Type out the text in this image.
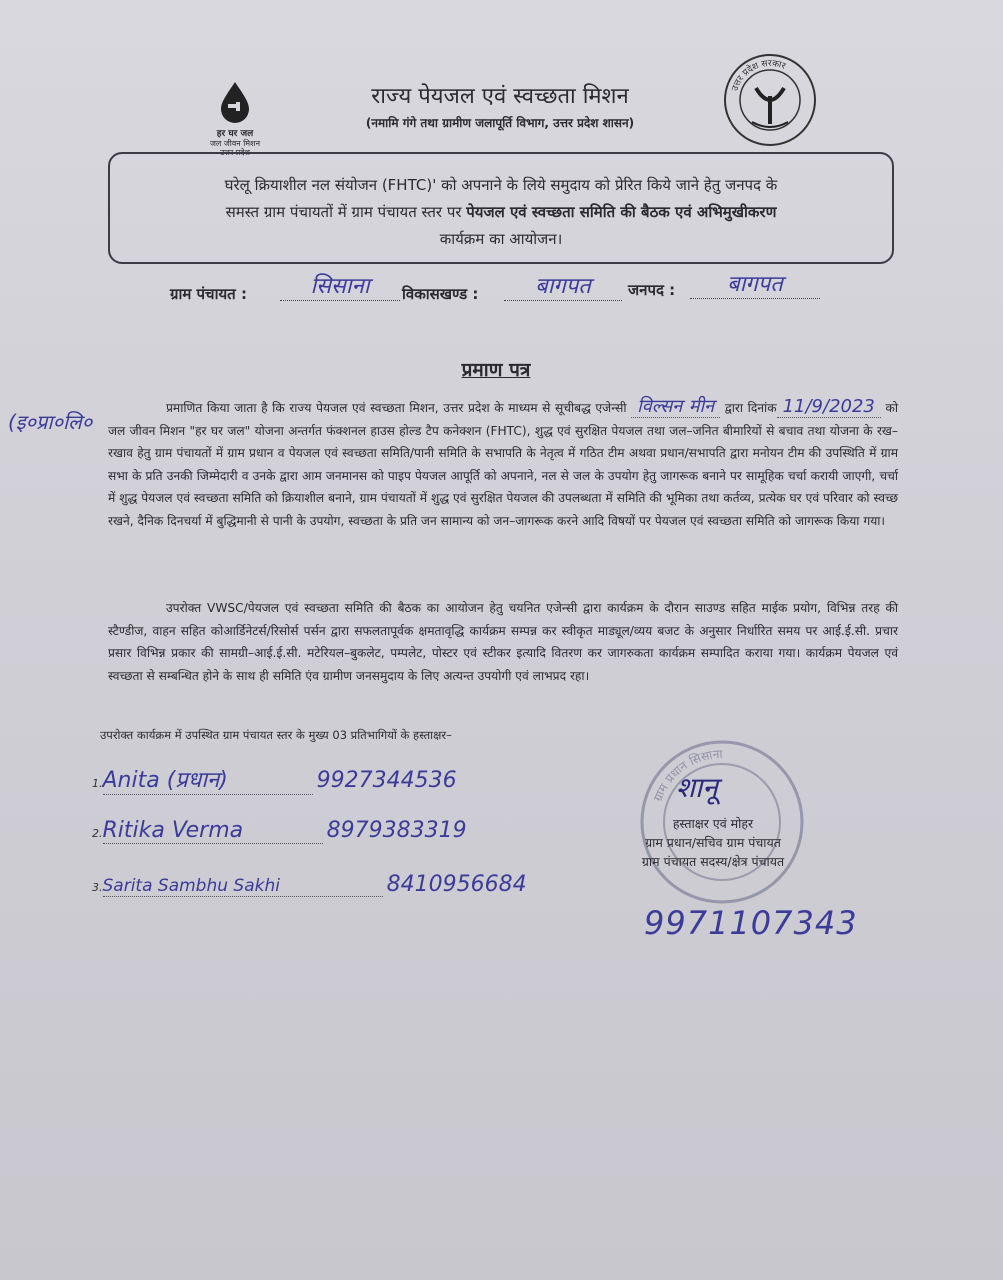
हर घर जल
जल जीवन मिशन
उत्तर प्रदेश
राज्य पेयजल एवं स्वच्छता मिशन
(नमामि गंगे तथा ग्रामीण जलापूर्ति विभाग, उत्तर प्रदेश शासन)
उत्तर प्रदेश सरकार
घरेलू क्रियाशील नल संयोजन (FHTC)' को अपनाने के लिये समुदाय को प्रेरित किये जाने हेतु जनपद के
समस्त ग्राम पंचायतों में ग्राम पंचायत स्तर पर पेयजल एवं स्वच्छता समिति की बैठक एवं अभिमुखीकरण
कार्यक्रम का आयोजन।
ग्राम पंचायत :	सिसाना	विकासखण्ड :	बागपत	जनपद :	बागपत
प्रमाण पत्र
(इ०प्रा०लि०
प्रमाणित किया जाता है कि राज्य पेयजल एवं स्वच्छता मिशन, उत्तर प्रदेश के माध्यम से सूचीबद्ध एजेन्सी विल्सन मीन द्वारा दिनांक 11/9/2023 को जल जीवन मिशन "हर घर जल" योजना अन्तर्गत फंक्शनल हाउस होल्ड टैप कनेक्शन (FHTC), शुद्ध एवं सुरक्षित पेयजल तथा जल–जनित बीमारियों से बचाव तथा योजना के रख–रखाव हेतु ग्राम पंचायतों में ग्राम प्रधान व पेयजल एवं स्वच्छता समिति/पानी समिति के सभापति के नेतृत्व में गठित टीम अथवा प्रधान/सभापति द्वारा मनोयन टीम की उपस्थिति में ग्राम सभा के प्रति उनकी जिम्मेदारी व उनके द्वारा आम जनमानस को पाइप पेयजल आपूर्ति को अपनाने, नल से जल के उपयोग हेतु जागरूक बनाने पर सामूहिक चर्चा करायी जाएगी, चर्चा में शुद्ध पेयजल एवं स्वच्छता समिति को क्रियाशील बनाने, ग्राम पंचायतों में शुद्ध एवं सुरक्षित पेयजल की उपलब्धता में समिति की भूमिका तथा कर्तव्य, प्रत्येक घर एवं परिवार को स्वच्छ रखने, दैनिक दिनचर्या में बुद्धिमानी से पानी के उपयोग, स्वच्छता के प्रति जन सामान्य को जन–जागरूक करने आदि विषयों पर पेयजल एवं स्वच्छता समिति को जागरूक किया गया।
उपरोक्त VWSC/पेयजल एवं स्वच्छता समिति की बैठक का आयोजन हेतु चयनित एजेन्सी द्वारा कार्यक्रम के दौरान साउण्ड सहित माईक प्रयोग, विभिन्न तरह की स्टैण्डीज, वाहन सहित कोआर्डिनेटर्स/रिसोर्स पर्सन द्वारा सफलतापूर्वक क्षमतावृद्धि कार्यक्रम सम्पन्न कर स्वीकृत माड्यूल/व्यय बजट के अनुसार निर्धारित समय पर आई.ई.सी. प्रचार प्रसार विभिन्न प्रकार की सामग्री–आई.ई.सी. मटेरियल–बुकलेट, पम्पलेट, पोस्टर एवं स्टीकर इत्यादि वितरण कर जागरुकता कार्यक्रम सम्पादित कराया गया। कार्यक्रम पेयजल एवं स्वच्छता से सम्बन्धित होने के साथ ही समिति एंव ग्रामीण जनसमुदाय के लिए अत्यन्त उपयोगी एवं लाभप्रद रहा।
उपरोक्त कार्यक्रम में उपस्थित ग्राम पंचायत स्तर के मुख्य 03 प्रतिभागियों के हस्ताक्षर–
1.Anita (प्रधान)	9927344536
2.Ritika Verma	8979383319
3.Sarita Sambhu Sakhi	8410956684
ग्राम प्रधान सिसाना
शानू
हस्ताक्षर एवं मोहर
ग्राम प्रधान/सचिव ग्राम पंचायत
ग्राम पंचायत सदस्य/क्षेत्र पंचायत
9971107343
